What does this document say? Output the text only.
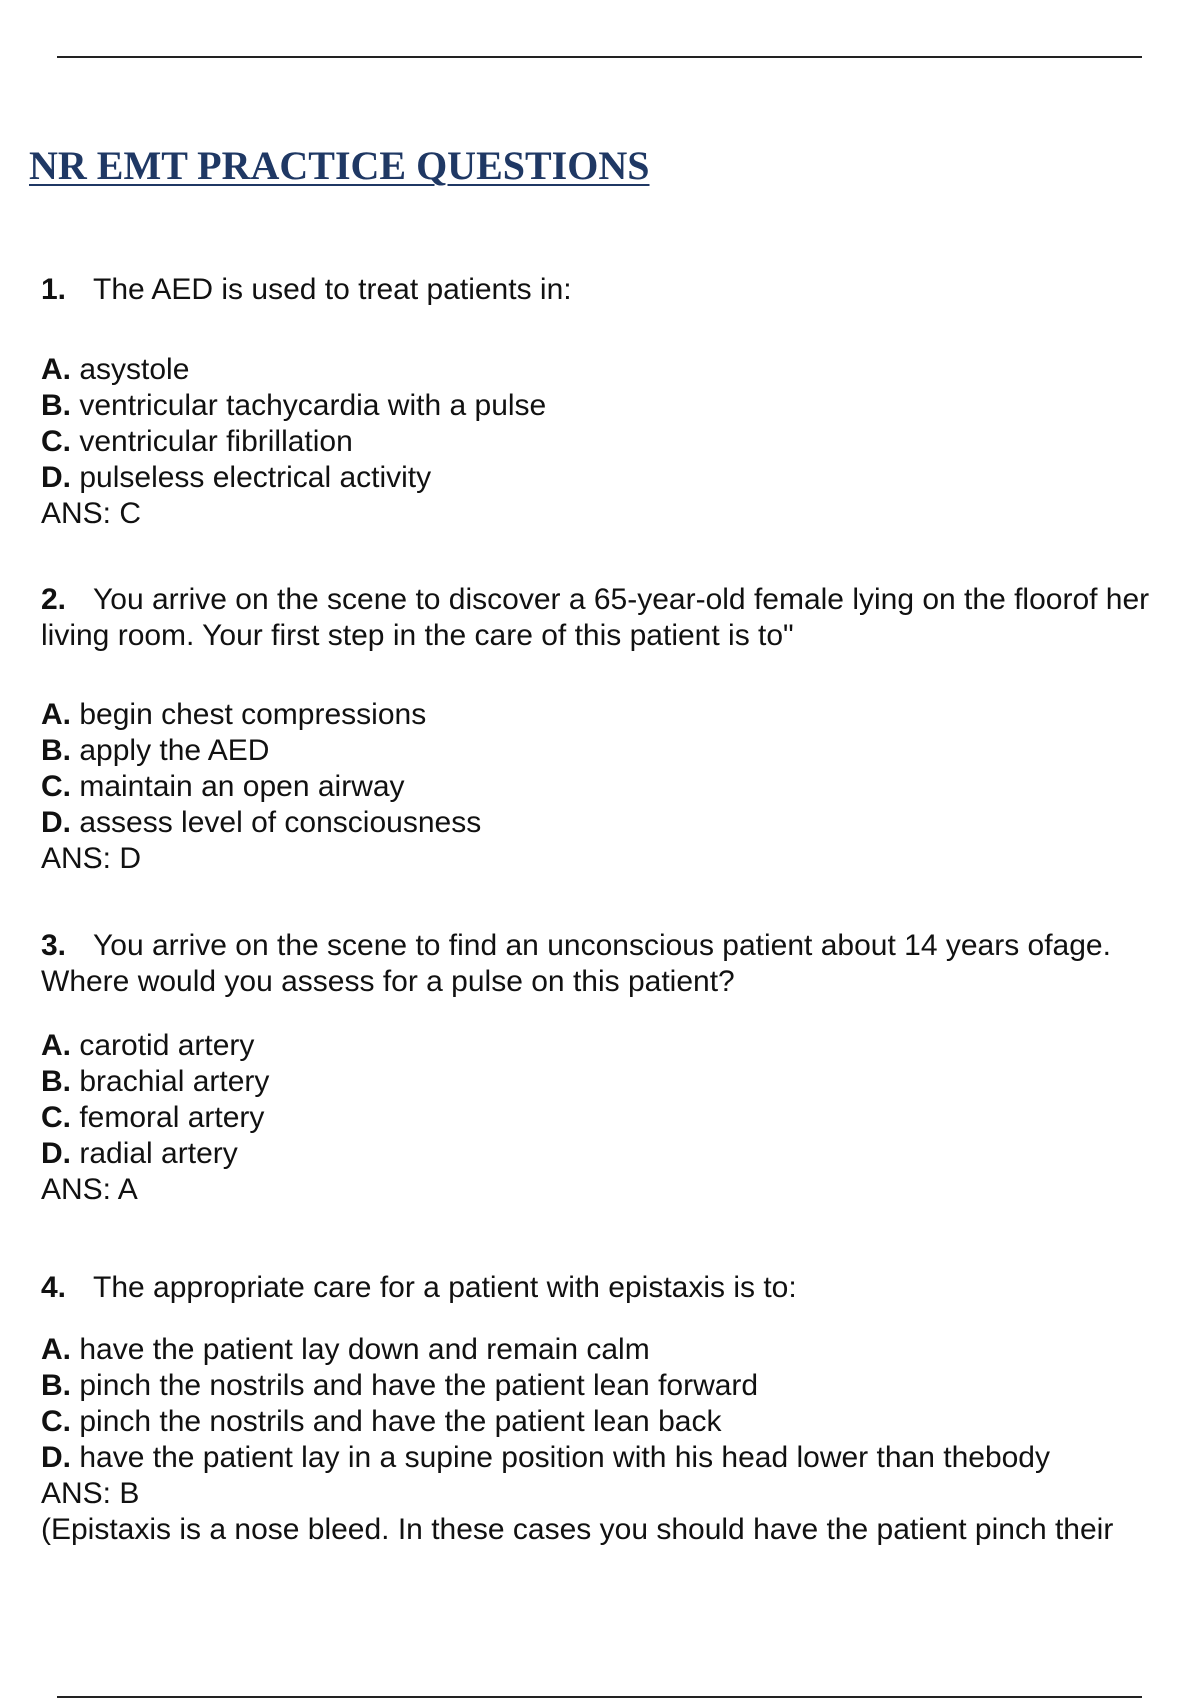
NR EMT PRACTICE QUESTIONS

1. The AED is used to treat patients in:

A. asystole
B. ventricular tachycardia with a pulse
C. ventricular fibrillation
D. pulseless electrical activity

ANS: C

2. You arrive on the scene to discover a 65-year-old female lying on the floorof her
living room. Your first step in the care of this patient is to"

A. begin chest compressions
B. apply the AED
C. maintain an open airway
D. assess level of consciousness

ANS: D

3. You arrive on the scene to find an unconscious patient about 14 years ofage.
Where would you assess for a pulse on this patient?

A. carotid artery
B. brachial artery
C. femoral artery
D. radial artery

ANS: A

4. The appropriate care for a patient with epistaxis is to:

A. have the patient lay down and remain calm
B. pinch the nostrils and have the patient lean forward
C. pinch the nostrils and have the patient lean back
D. have the patient lay in a supine position with his head lower than thebody

ANS: B

(Epistaxis is a nose bleed. In these cases you should have the patient pinch their
